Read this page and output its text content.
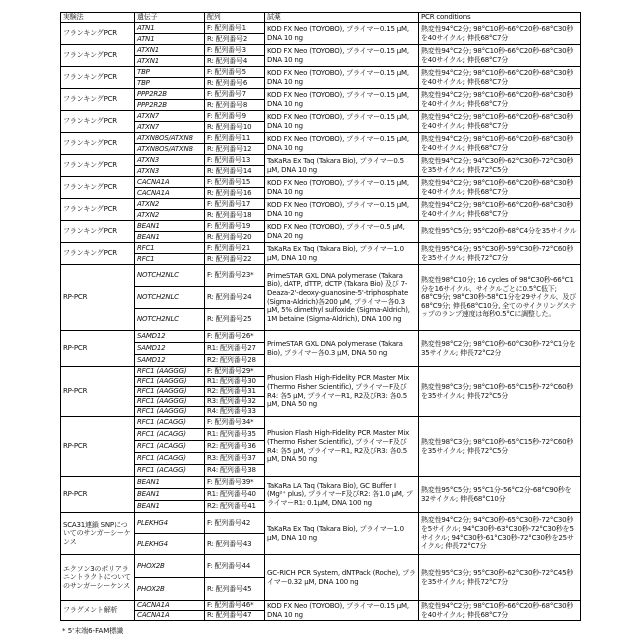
実験法	遺伝子	配列	試薬	PCR conditions
フランキングPCR	ATN1	F: 配列番号1	KOD FX Neo (TOYOBO), プライマー0.15 μM, DNA 10 ng	熱変性94°C2分; 98°C10秒-66°C20秒-68°C30秒を40サイクル; 伸長68°C7分
ATN1	R: 配列番号2
フランキングPCR	ATXN1	F: 配列番号3	KOD FX Neo (TOYOBO), プライマー0.15 μM, DNA 10 ng	熱変性94°C2分; 98°C10秒-66°C20秒-68°C30秒を40サイクル; 伸長68°C7分
ATXN1	R: 配列番号4
フランキングPCR	TBP	F: 配列番号5	KOD FX Neo (TOYOBO), プライマー0.15 μM, DNA 10 ng	熱変性94°C2分; 98°C10秒-66°C20秒-68°C30秒を40サイクル; 伸長68°C7分
TBP	R: 配列番号6
フランキングPCR	PPP2R2B	F: 配列番号7	KOD FX Neo (TOYOBO), プライマー0.15 μM, DNA 10 ng	熱変性94°C2分; 98°C10秒-66°C20秒-68°C30秒を40サイクル; 伸長68°C7分
PPP2R2B	R: 配列番号8
フランキングPCR	ATXN7	F: 配列番号9	KOD FX Neo (TOYOBO), プライマー0.15 μM, DNA 10 ng	熱変性94°C2分; 98°C10秒-66°C20秒-68°C30秒を40サイクル; 伸長68°C7分
ATXN7	R: 配列番号10
フランキングPCR	ATXN8OS/ATXN8	F: 配列番号11	KOD FX Neo (TOYOBO), プライマー0.15 μM, DNA 10 ng	熱変性94°C2分; 98°C10秒-66°C20秒-68°C30秒を40サイクル; 伸長68°C7分
ATXN8OS/ATXN8	R: 配列番号12
フランキングPCR	ATXN3	F: 配列番号13	TaKaRa Ex Taq (Takara Bio), プライマー0.5 μM, DNA 10 ng	熱変性94°C2分; 94°C30秒-62°C30秒-72°C30秒を35サイクル; 伸長72°C5分
ATXN3	R: 配列番号14
フランキングPCR	CACNA1A	F: 配列番号15	KOD FX Neo (TOYOBO), プライマー0.15 μM, DNA 10 ng	熱変性94°C2分; 98°C10秒-66°C20秒-68°C30秒を40サイクル; 伸長68°C7分
CACNA1A	R: 配列番号16
フランキングPCR	ATXN2	F: 配列番号17	KOD FX Neo (TOYOBO), プライマー0.15 μM, DNA 10 ng	熱変性94°C2分; 98°C10秒-66°C20秒-68°C30秒を40サイクル; 伸長68°C7分
ATXN2	R: 配列番号18
フランキングPCR	BEAN1	F: 配列番号19	KOD FX Neo (TOYOBO), プライマー0.5 μM, DNA 20 ng	熱変性95°C5分; 95°C20秒-68°C4分を35サイクル
BEAN1	R: 配列番号20
フランキングPCR	RFC1	F: 配列番号21	TaKaRa Ex Taq (Takara Bio), プライマー1.0 μM, DNA 10 ng	熱変性95°C4分; 95°C30秒-59°C30秒-72°C60秒を35サイクル; 伸長72°C7分
RFC1	R: 配列番号22
RP-PCR	NOTCH2NLC	F: 配列番号23*	PrimeSTAR GXL DNA polymerase (Takara Bio), dATP, dTTP, dCTP (Takara Bio) 及び 7-Deaza-2'-deoxy-guanosine-5'-triphosphate (Sigma-Aldrich)各200 μM, プライマー各0.3 μM, 5% dimethyl sulfoxide (Sigma-Aldrich), 1M betaine (Sigma-Aldrich), DNA 100 ng	熱変性98°C10分; 16 cycles of 98°C30秒-66°C1分を16サイクル、サイクルごとに0.5°C低下; 68°C9分; 98°C30秒-58°C1分を29サイクル、及び68°C9分; 伸長68°C10分, 全てのサイクリングステップのランプ速度は毎秒0.5°Cに調整した。
NOTCH2NLC	R: 配列番号24
NOTCH2NLC	R: 配列番号25
RP-PCR	SAMD12	F: 配列番号26*	PrimeSTAR GXL DNA polymerase (Takara Bio), プライマー各0.3 μM, DNA 50 ng	熱変性98°C2分; 98°C10秒-60°C30秒-72°C1分を35サイクル; 伸長72°C2分
SAMD12	R1: 配列番号27
SAMD12	R2: 配列番号28
RP-PCR	RFC1 (AAGGG)	F: 配列番号29*	Phusion Flash High-Fidelity PCR Master Mix (Thermo Fisher Scientific), プライマーF及びR4: 各5 μM, プライマーR1, R2及びR3: 各0.5 μM, DNA 50 ng	熱変性98°C3分; 98°C10秒-65°C15秒-72°C60秒を35サイクル; 伸長72°C5分
RFC1 (AAGGG)	R1: 配列番号30
RFC1 (AAGGG)	R2: 配列番号31
RFC1 (AAGGG)	R3: 配列番号32
RFC1 (AAGGG)	R4: 配列番号33
RP-PCR	RFC1 (ACAGG)	F: 配列番号34*	Phusion Flash High-Fidelity PCR Master Mix (Thermo Fisher Scientific), プライマーF及びR4: 各5 μM, プライマーR1, R2及びR3: 各0.5 μM, DNA 50 ng	熱変性98°C3分; 98°C10秒-65°C15秒-72°C60秒を35サイクル; 伸長72°C5分
RFC1 (ACAGG)	R1: 配列番号35
RFC1 (ACAGG)	R2: 配列番号36
RFC1 (ACAGG)	R3: 配列番号37
RFC1 (ACAGG)	R4: 配列番号38
RP-PCR	BEAN1	F: 配列番号39*	TaKaRa LA Taq (Takara Bio), GC Buffer I (Mg²⁺ plus), プライマーF及びR2: 各1.0 μM, プライマーR1: 0.1μM, DNA 100 ng	熱変性95°C5分; 95°C1分-56°C2分-68°C90秒を32サイクル; 伸長68°C10分
BEAN1	R1: 配列番号40
BEAN1	R2: 配列番号41
SCA31連鎖 SNPについてのサンガーシーケンス	PLEKHG4	F: 配列番号42	TaKaRa Ex Taq (Takara Bio), プライマー1.0 μM, DNA 10 ng	熱変性94°C2分; 94°C30秒-65°C30秒-72°C30秒を5サイクル; 94°C30秒-63°C30秒-72°C30秒を5サイクル; 94°C30秒-61°C30秒-72°C30秒を25サイクル; 伸長72°C7分
PLEKHG4	R: 配列番号43
エクソン3のポリアラニントラクトについてのサンガーシーケンス	PHOX2B	F: 配列番号44	GC-RICH PCR System, dNTPack (Roche), プライマー0.32 μM, DNA 100 ng	熱変性95°C3分; 95°C30秒-62°C30秒-72°C45秒を35サイクル; 伸長72°C7分
PHOX2B	R: 配列番号45
フラグメント解析	CACNA1A	F: 配列番号46*	KOD FX Neo (TOYOBO), プライマー0.15 μM, DNA 10 ng	熱変性94°C2分; 98°C10秒-66°C20秒-68°C30秒を40サイクル; 伸長68°C7分
CACNA1A	R: 配列番号47
* 5'末端6-FAM標識
